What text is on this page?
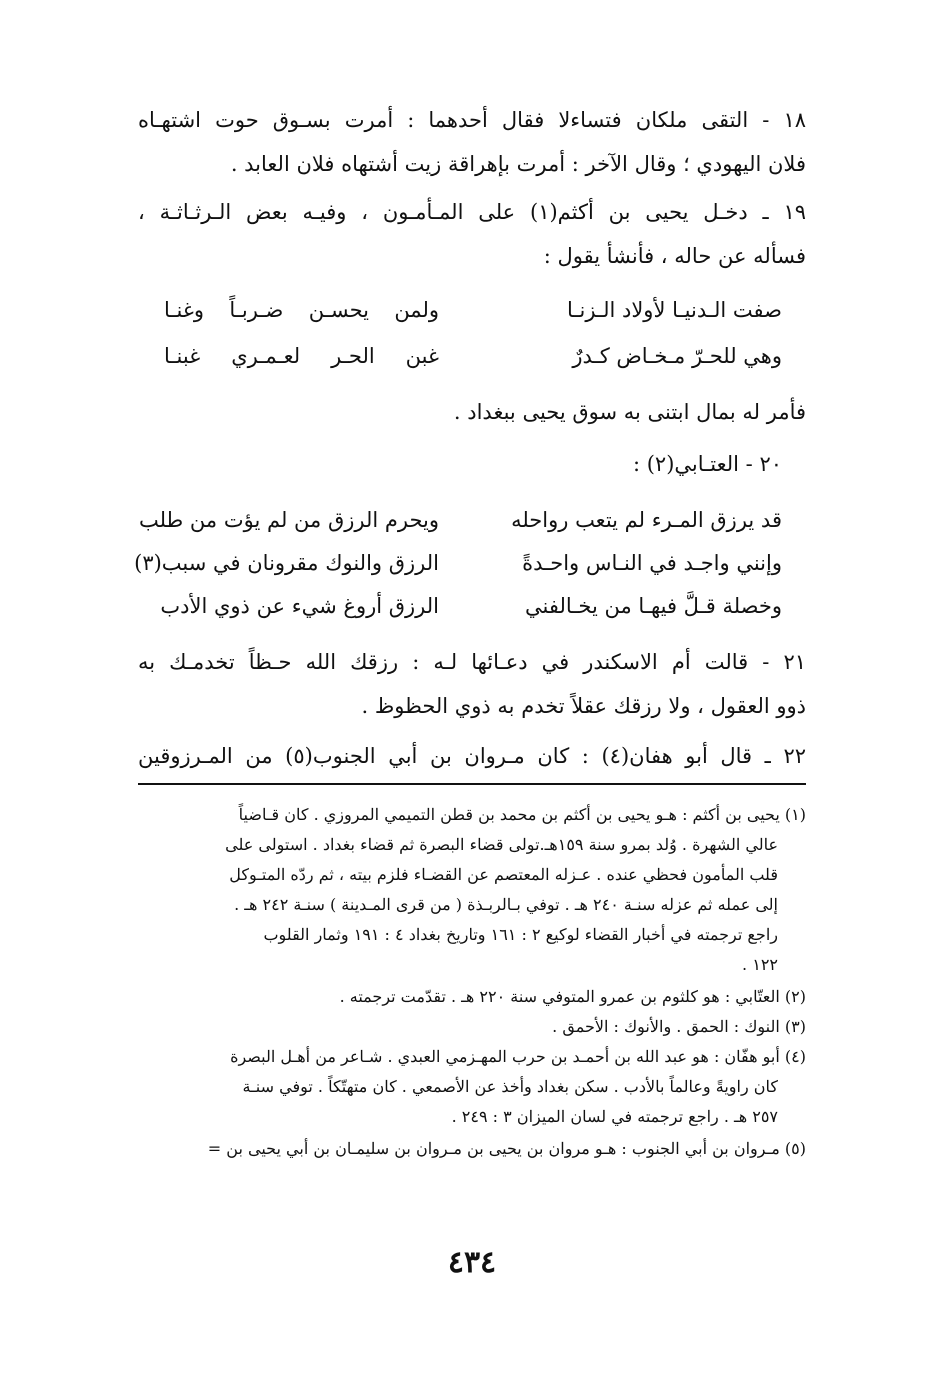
١٨ - التقى ملكان فتساءلا فقال أحدهما : أمرت بسـوق حوت اشتهـاه
فلان اليهودي ؛ وقال الآخر : أمرت بإهراقة زيت أشتهاه فلان العابد .
١٩ ـ دخـل يحيى بن أكثم(١) على المـأمـون ، وفيـه بعض الـرثـاثـة ،
فسأله عن حاله ، فأنشأ يقول :
صفت الـدنيـا لأولاد الـزنـا
ولمن يحسـن ضـربـاً وغنـا
وهي للحـرّ مـخـاض كـدرٌ
غبن الحـر لعـمـري غبنـا
فأمر له بمال ابتنى به سوق يحيى ببغداد .
٢٠ - العتـابي(٢) :
قد يرزق المـرء لم يتعب رواحله
ويحرم الرزق من لم يؤت من طلب
وإنني واجـد في النـاس واحـدةً
الرزق والنوك مقرونان في سبب(٣)
وخصلة قـلَّ فيهـا من يخـالفني
الرزق أروغ شيء عن ذوي الأدب
٢١ - قالت أم الاسكندر في دعـائها لـه : رزقك الله حـظاً تخدمـك به
ذوو العقول ، ولا رزقك عقلاً تخدم به ذوي الحظوظ .
٢٢ ـ قال أبو هفان(٤) : كان مـروان بن أبي الجنوب(٥) من المـرزوقين
(١) يحيى بن أكثم : هـو يحيى بن أكثم بن محمد بن قطن التميمي المروزي . كان قـاضياً
عالي الشهرة . وُلد بمرو سنة ١٥٩هـ.تولى قضاء البصرة ثم قضاء بغداد . استولى على
قلب المأمون فحظي عنده . عـزله المعتصم عن القضـاء فلزم بيته ، ثم ردّه المتـوكل
إلى عمله ثم عزله سنـة ٢٤٠ هـ . توفي بـالربـذة ( من قرى المـدينة ) سنـة ٢٤٢ هـ .
راجع ترجمته في أخبار القضاء لوكيع ٢ : ١٦١ وتاريخ بغداد ٤ : ١٩١ وثمار القلوب
١٢٢ .
(٢) العتّابي : هو كلثوم بن عمرو المتوفي سنة ٢٢٠ هـ . تقدّمت ترجمته .
(٣) النوك : الحمق . والأنوك : الأحمق .
(٤) أبو هفّان : هو عبد الله بن أحمـد بن حرب المهـزمي العبدي . شـاعر من أهـل البصرة
كان راويةً وعالماً بالأدب . سكن بغداد وأخذ عن الأصمعي . كان متهتّكاً . توفي سنـة
٢٥٧ هـ . راجع ترجمته في لسان الميزان ٣ : ٢٤٩ .
(٥) مـروان بن أبي الجنوب : هـو مروان بن يحيى بن مـروان بن سليمـان بن أبي يحيى بن =
٤٣٤
